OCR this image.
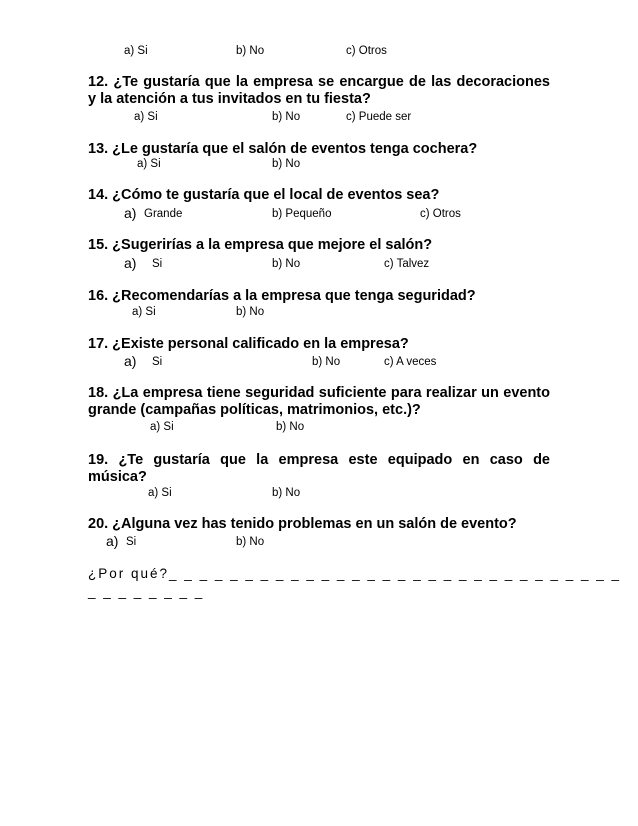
a) Si	b) No	c) Otros
12. ¿Te gustaría que la empresa se encargue de las decoraciones y la atención a tus invitados en tu fiesta?
a) Si	b) No	c) Puede ser
13. ¿Le gustaría que el salón de eventos tenga cochera?
a) Si	b) No
14. ¿Cómo te gustaría que el local de eventos sea?
a) Grande	b) Pequeño	c) Otros
15. ¿Sugerirías a la empresa que mejore el salón?
a) Si	b) No	c) Talvez
16. ¿Recomendarías a la empresa que tenga seguridad?
a) Si	b) No
17. ¿Existe personal calificado en la empresa?
a) Si	b) No	c) A veces
18. ¿La empresa tiene seguridad suficiente para realizar un evento grande (campañas políticas, matrimonios, etc.)?
a) Si	b) No
19. ¿Te gustaría que la empresa este equipado en caso de música?
a) Si	b) No
20. ¿Alguna vez has tenido problemas en un salón de evento?
a) Si	b) No
¿Por qué?_ _ _ _ _ _ _ _ _ _ _ _ _ _ _ _ _ _ _ _ _ _ _ _ _ _ _ _ _ _
_ _ _ _ _ _ _ _
